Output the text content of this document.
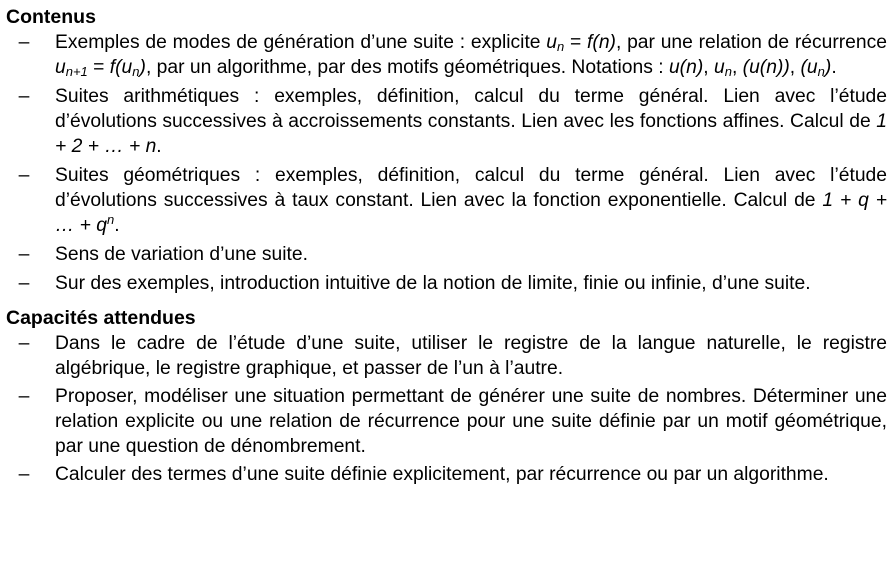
Contenus
– Exemples de modes de génération d’une suite : explicite $u_n = f(n)$, par une relation de récurrence $u_{n+1} = f(u_n)$, par un algorithme, par des motifs géométriques. Notations : u(n), $u_n$, (u(n)), $(u_n)$.
– Suites arithmétiques : exemples, définition, calcul du terme général. Lien avec l’étude d’évolutions successives à accroissements constants. Lien avec les fonctions affines. Calcul de 1 + 2 + … + n.
– Suites géométriques : exemples, définition, calcul du terme général. Lien avec l’étude d’évolutions successives à taux constant. Lien avec la fonction exponentielle. Calcul de 1 + q + … + $q^n$.
– Sens de variation d’une suite.
– Sur des exemples, introduction intuitive de la notion de limite, finie ou infinie, d’une suite.
Capacités attendues
– Dans le cadre de l’étude d’une suite, utiliser le registre de la langue naturelle, le registre algébrique, le registre graphique, et passer de l’un à l’autre.
– Proposer, modéliser une situation permettant de générer une suite de nombres. Déterminer une relation explicite ou une relation de récurrence pour une suite définie par un motif géométrique, par une question de dénombrement.
– Calculer des termes d’une suite définie explicitement, par récurrence ou par un algorithme.
